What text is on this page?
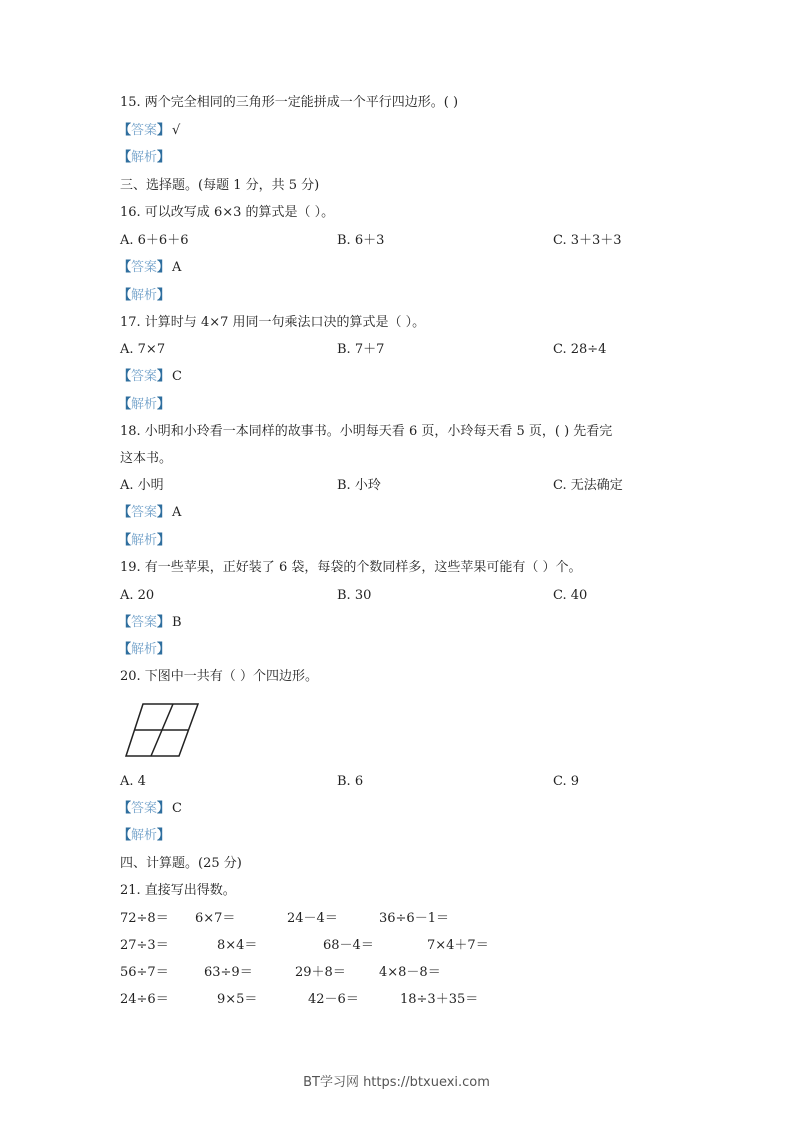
15. 两个完全相同的三角形一定能拼成一个平行四边形。( )
【答案】 √
【解析】
三、选择题。(每题 1 分，共 5 分)
16. 可以改写成 6×3 的算式是（ ）。
A. 6＋6＋6	B. 6＋3	C. 3＋3＋3
【答案】 A
【解析】
17. 计算时与 4×7 用同一句乘法口决的算式是（ ）。
A. 7×7	B. 7＋7	C. 28÷4
【答案】 C
【解析】
18. 小明和小玲看一本同样的故事书。小明每天看 6 页，小玲每天看 5 页，( ) 先看完
这本书。
A. 小明	B. 小玲	C. 无法确定
【答案】 A
【解析】
19. 有一些苹果，正好装了 6 袋，每袋的个数同样多，这些苹果可能有（ ）个。
A. 20	B. 30	C. 40
【答案】 B
【解析】
20. 下图中一共有（ ）个四边形。
A. 4	B. 6	C. 9
【答案】 C
【解析】
四、计算题。(25 分)
21. 直接写出得数。
72÷8＝ 6×7＝	24－4＝	36÷6－1＝
27÷3＝	8×4＝	68－4＝	7×4＋7＝
56÷7＝	63÷9＝	29＋8＝	4×8－8＝
24÷6＝	9×5＝	42－6＝	18÷3＋35＝
BT学习网 https://btxuexi.com
